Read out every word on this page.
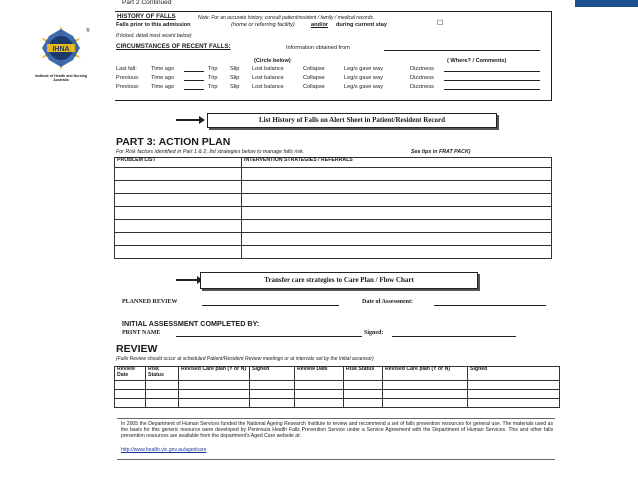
IHNA
®
Institute of Health and Nursing Australia
Part 2 Continued
HISTORY OF FALLS	Note: For an accurate history, consult patient/resident / family / medical records.
Falls prior to this admission	(home or referring facility)	and/or during current stay	☐
If ticked, detail most recent below)
CIRCUMSTANCES OF RECENT FALLS:	Information obtained from
(Circle below)	( Where? / Comments)
Last fall:	Time ago	Trip Slip Lost balance	Collapse	Leg/s gave way	Dizziness
Previous: Time ago	Trip Slip Lost balance	Collapse	Leg/s gave way	Dizziness
Previous: Time ago	Trip Slip Lost balance	Collapse	Leg/s gave way	Dizziness
List History of Falls on Alert Sheet in Patient/Resident Record
PART 3: ACTION PLAN
For Risk factors identified in Part 1 & 2, list strategies below to manage falls risk.	See tips in FRAT PACK)
PROBLEM LIST	INTERVENTION STRATEGIES / REFERRALS

Transfer care strategies to Care Plan / Flow Chart
PLANNED REVIEW	Date of Assessment:
INITIAL ASSESSMENT COMPLETED BY:
PRINT NAME	Signed:
REVIEW
(Falls Review should occur at scheduled Patient/Resident Review meetings or at intervals set by the Initial assessor)
Review Date	Risk Status	Revised Care plan (Y or N)	Signed	Review Date	Risk Status	Revised Care plan (Y or N)	Signed

In 2005 the Department of Human Services funded the National Ageing Research Institute to review and recommend a set of falls prevention resources for general use. The materials used as the basis for this generic resource were developed by Peninsula Health Falls Prevention Service under a Service Agreement with the Department of Human Services. This and other falls prevention resources are available from the department's Aged Care website at:
http://www.health.vic.gov.au/agedcare
